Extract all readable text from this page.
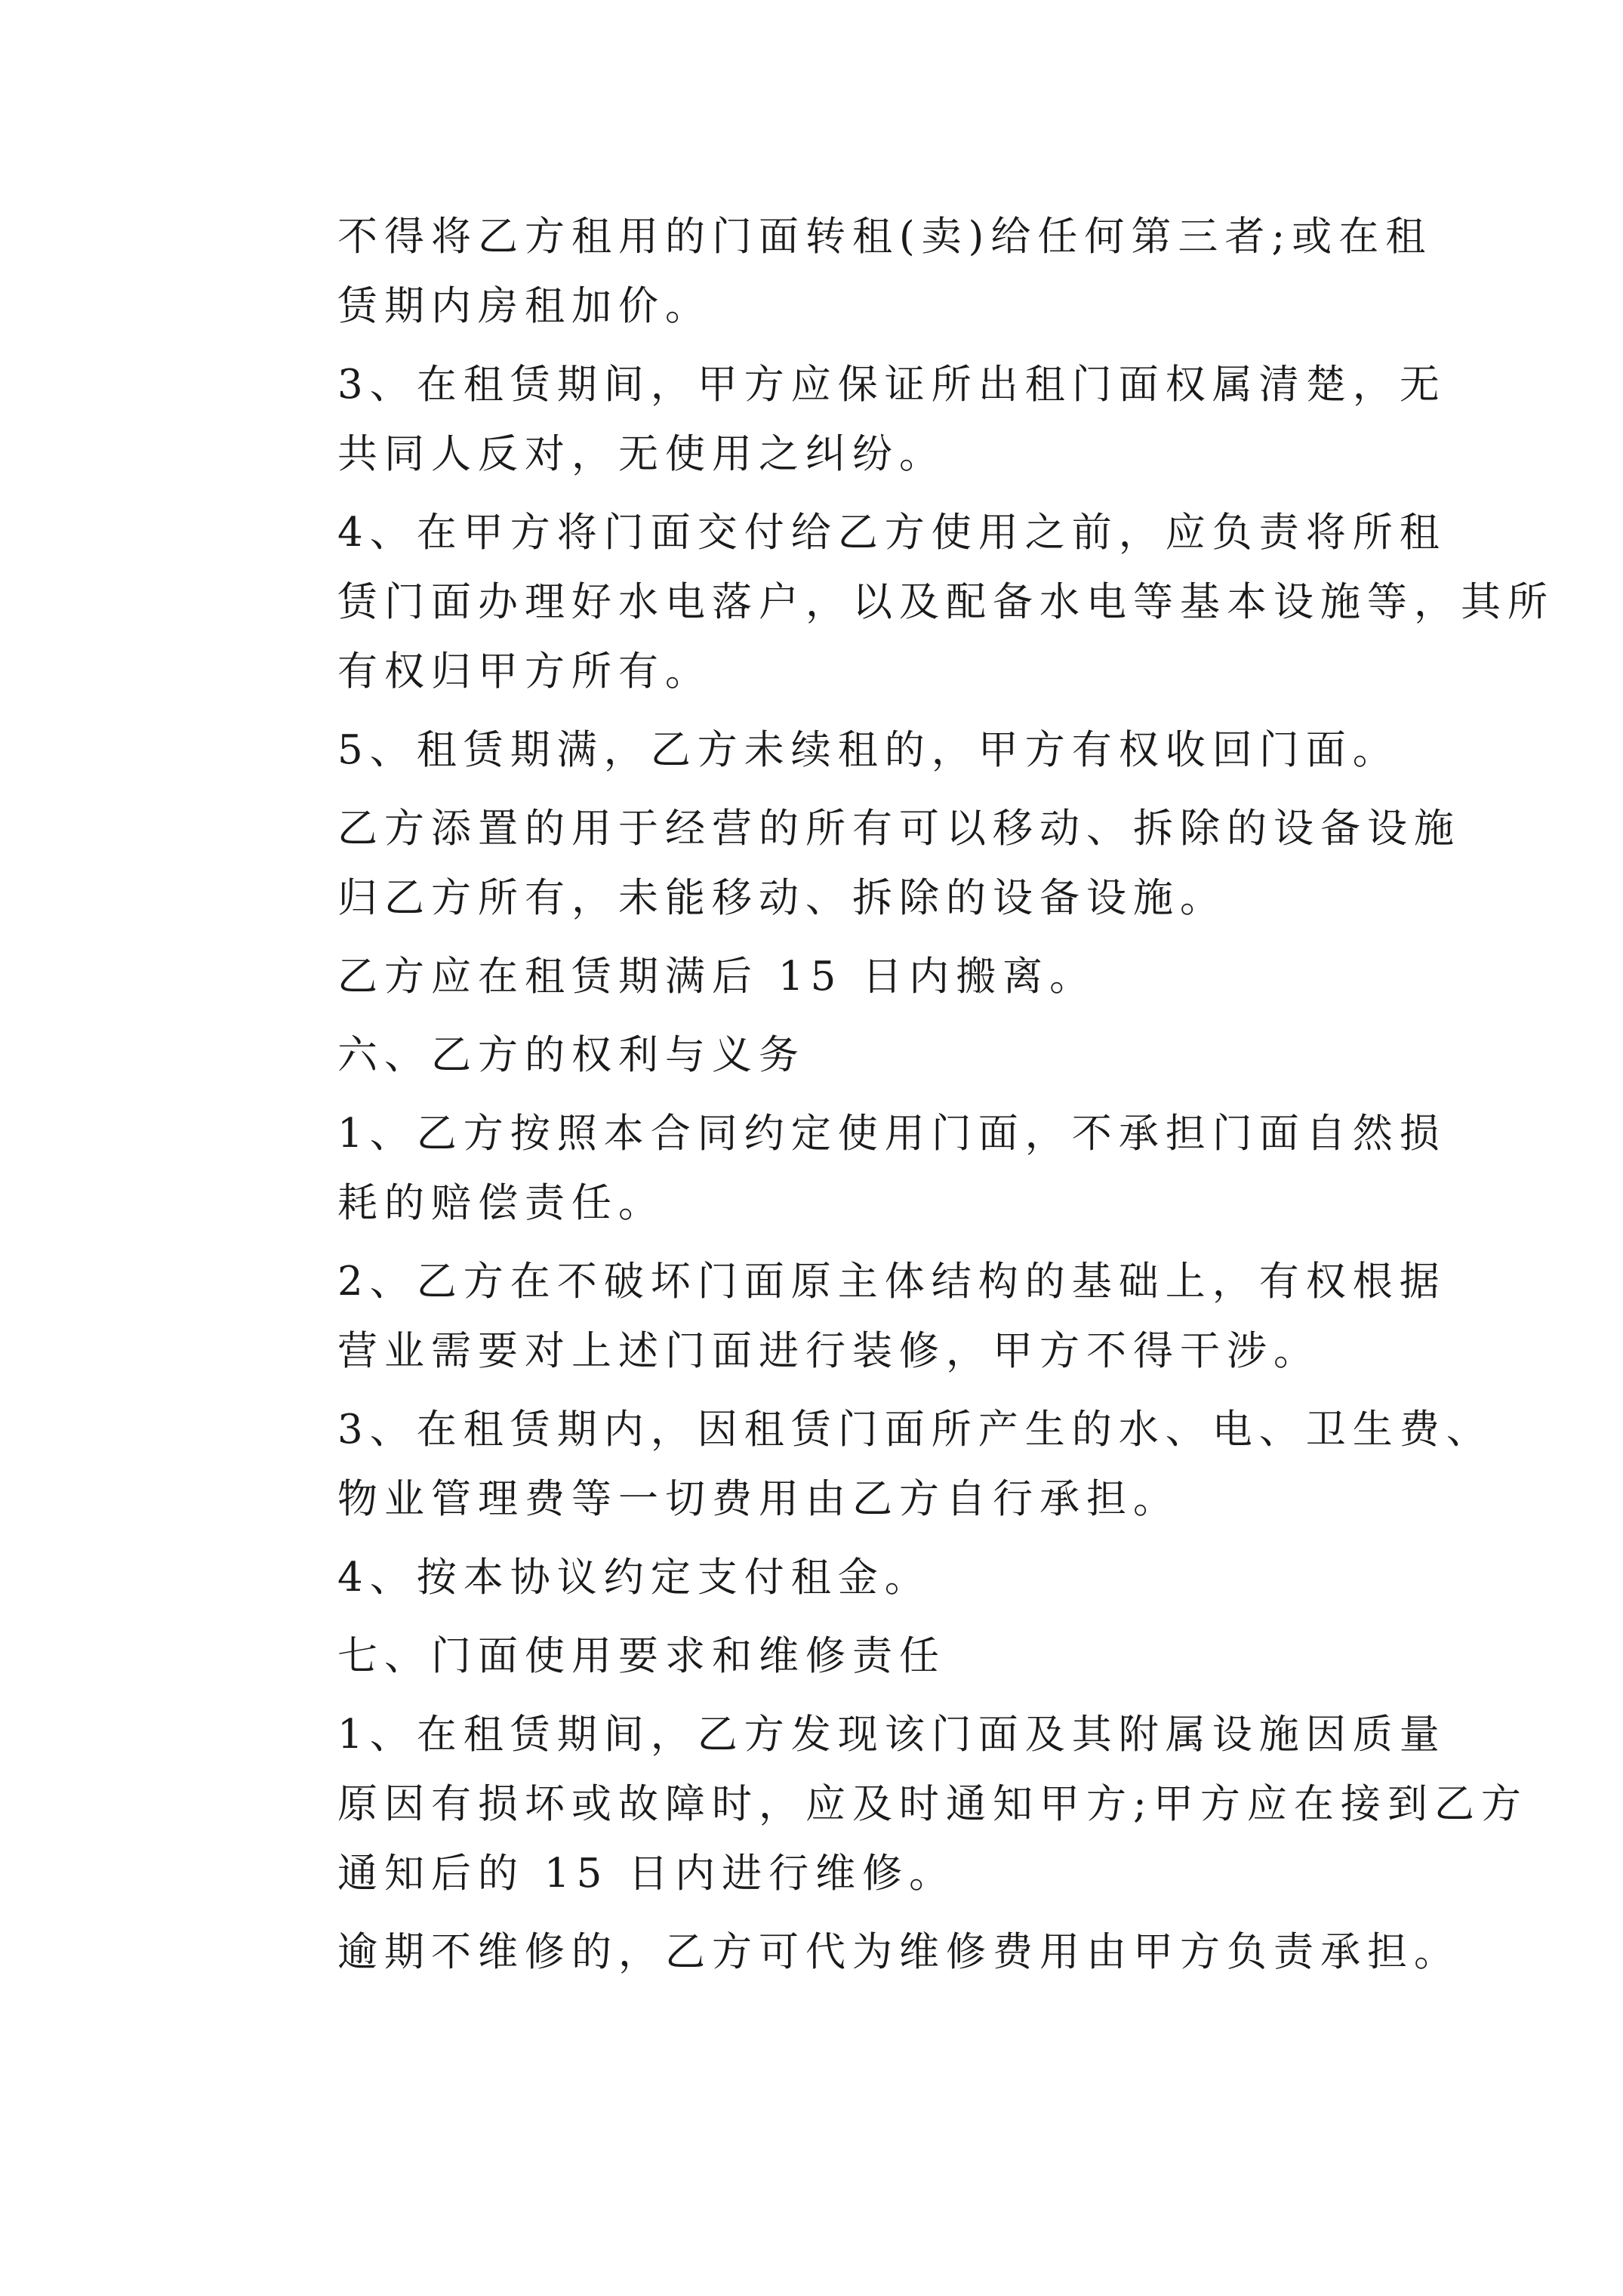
不得将乙方租用的门面转租(卖)给任何第三者;或在租
赁期内房租加价。

3、在租赁期间，甲方应保证所出租门面权属清楚，无
共同人反对，无使用之纠纷。

4、在甲方将门面交付给乙方使用之前，应负责将所租
赁门面办理好水电落户，以及配备水电等基本设施等，其所
有权归甲方所有。

5、租赁期满，乙方未续租的，甲方有权收回门面。

乙方添置的用于经营的所有可以移动、拆除的设备设施
归乙方所有，未能移动、拆除的设备设施。

乙方应在租赁期满后 15 日内搬离。

六、乙方的权利与义务

1、乙方按照本合同约定使用门面，不承担门面自然损
耗的赔偿责任。

2、乙方在不破坏门面原主体结构的基础上，有权根据
营业需要对上述门面进行装修，甲方不得干涉。

3、在租赁期内，因租赁门面所产生的水、电、卫生费、
物业管理费等一切费用由乙方自行承担。

4、按本协议约定支付租金。

七、门面使用要求和维修责任

1、在租赁期间，乙方发现该门面及其附属设施因质量
原因有损坏或故障时，应及时通知甲方;甲方应在接到乙方
通知后的 15 日内进行维修。

逾期不维修的，乙方可代为维修费用由甲方负责承担。
